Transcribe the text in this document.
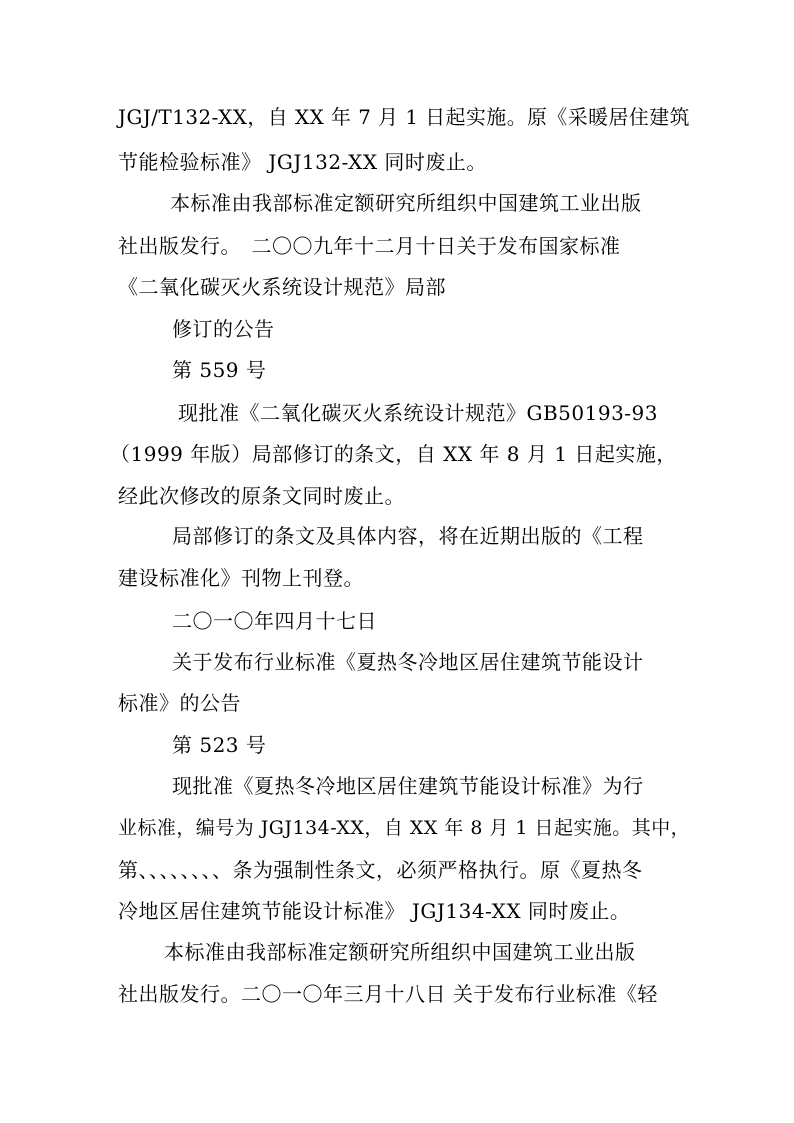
JGJ/T132-XX，自 XX 年 7 月 1 日起实施。原《采暖居住建筑
节能检验标准》 JGJ132-XX 同时废止。
本标准由我部标准定额研究所组织中国建筑工业出版
社出版发行。　二〇〇九年十二月十日关于发布国家标准
《二氧化碳灭火系统设计规范》局部
修订的公告
第 559 号
现批准《二氧化碳灭火系统设计规范》GB50193-93
（1999 年版）局部修订的条文，自 XX 年 8 月 1 日起实施，
经此次修改的原条文同时废止。
局部修订的条文及具体内容，将在近期出版的《工程
建设标准化》刊物上刊登。
二〇一〇年四月十七日
关于发布行业标准《夏热冬冷地区居住建筑节能设计
标准》的公告
第 523 号
现批准《夏热冬冷地区居住建筑节能设计标准》为行
业标准，编号为 JGJ134-XX，自 XX 年 8 月 1 日起实施。其中，
第、、、、、、、、条为强制性条文，必须严格执行。原《夏热冬
冷地区居住建筑节能设计标准》 JGJ134-XX 同时废止。
本标准由我部标准定额研究所组织中国建筑工业出版
社出版发行。二〇一〇年三月十八日 关于发布行业标准《轻
